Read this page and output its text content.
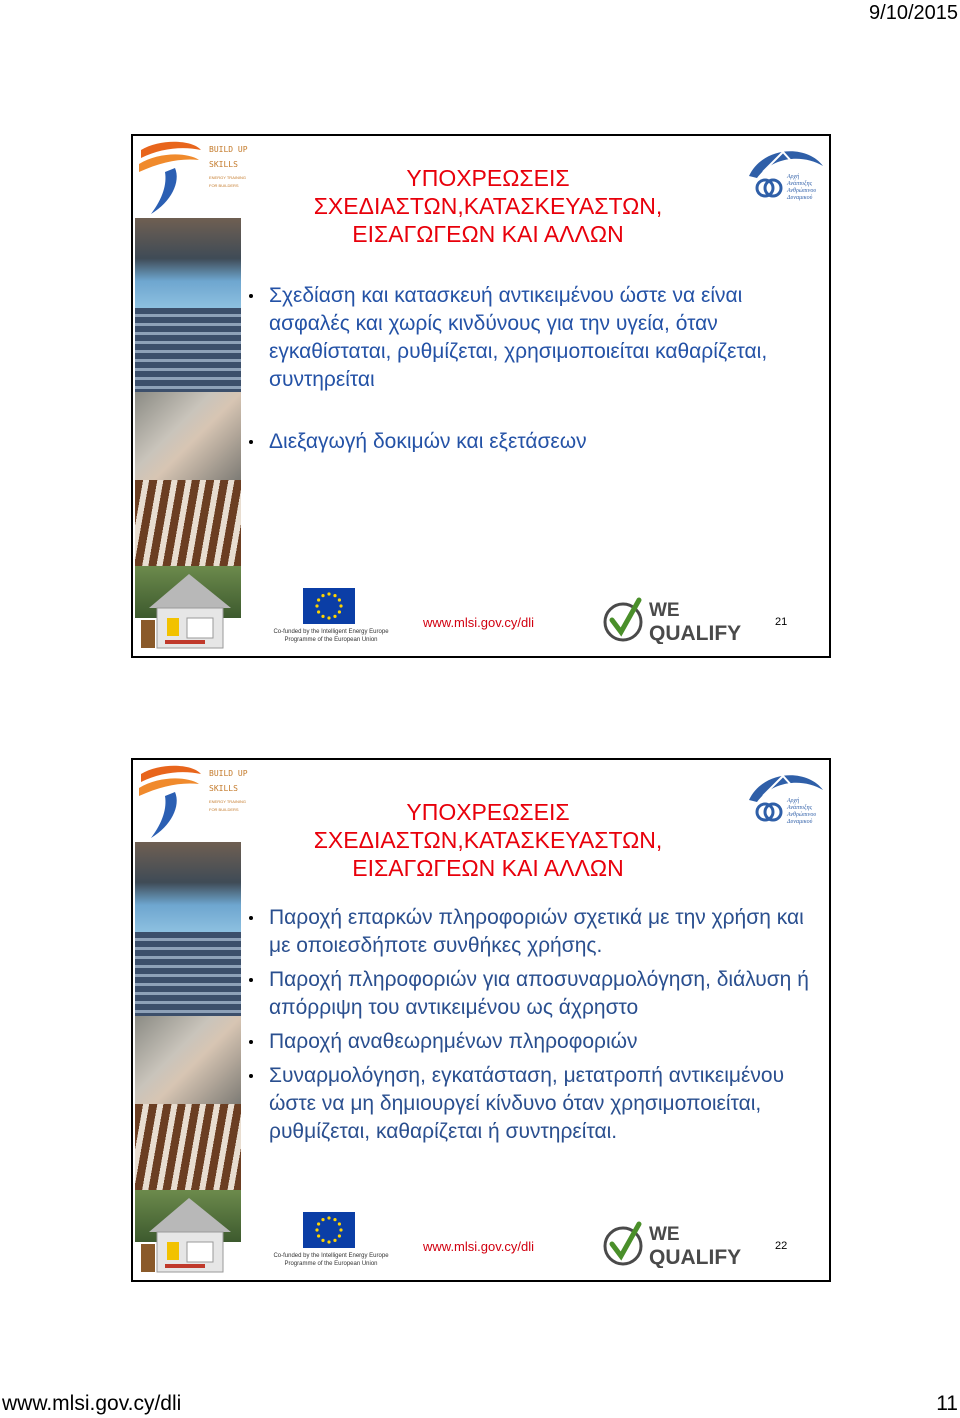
9/10/2015
BUILD UP
SKILLS
ENERGY TRAINING
FOR BUILDERS
Αρχή
Ανάπτυξης
Ανθρώπινου
Δυναμικού
ΥΠΟΧΡΕΩΣΕΙΣ
ΣΧΕΔΙΑΣΤΩΝ,ΚΑΤΑΣΚΕΥΑΣΤΩΝ,
ΕΙΣΑΓΩΓΕΩΝ ΚΑΙ ΑΛΛΩΝ
Σχεδίαση και κατασκευή αντικειμένου ώστε να είναι ασφαλές και χωρίς κινδύνους για την υγεία, όταν εγκαθίσταται, ρυθμίζεται, χρησιμοποιείται καθαρίζεται, συντηρείται
Διεξαγωγή δοκιμών και εξετάσεων
Co-funded by the Intelligent Energy Europe
Programme of the European Union
www.mlsi.gov.cy/dli
WE
QUALIFY	21
BUILD UP
SKILLS
ENERGY TRAINING
FOR BUILDERS
Αρχή
Ανάπτυξης
Ανθρώπινου
Δυναμικού
ΥΠΟΧΡΕΩΣΕΙΣ
ΣΧΕΔΙΑΣΤΩΝ,ΚΑΤΑΣΚΕΥΑΣΤΩΝ,
ΕΙΣΑΓΩΓΕΩΝ ΚΑΙ ΑΛΛΩΝ
Παροχή επαρκών πληροφοριών σχετικά με την χρήση και με οποιεσδήποτε συνθήκες χρήσης.
Παροχή πληροφοριών για αποσυναρμολόγηση, διάλυση ή απόρριψη του αντικειμένου ως άχρηστο
Παροχή αναθεωρημένων πληροφοριών
Συναρμολόγηση, εγκατάσταση, μετατροπή αντικειμένου ώστε να μη δημιουργεί κίνδυνο όταν χρησιμοποιείται, ρυθμίζεται, καθαρίζεται ή συντηρείται.
Co-funded by the Intelligent Energy Europe
Programme of the European Union
www.mlsi.gov.cy/dli
WE
QUALIFY	22
www.mlsi.gov.cy/dli	11
